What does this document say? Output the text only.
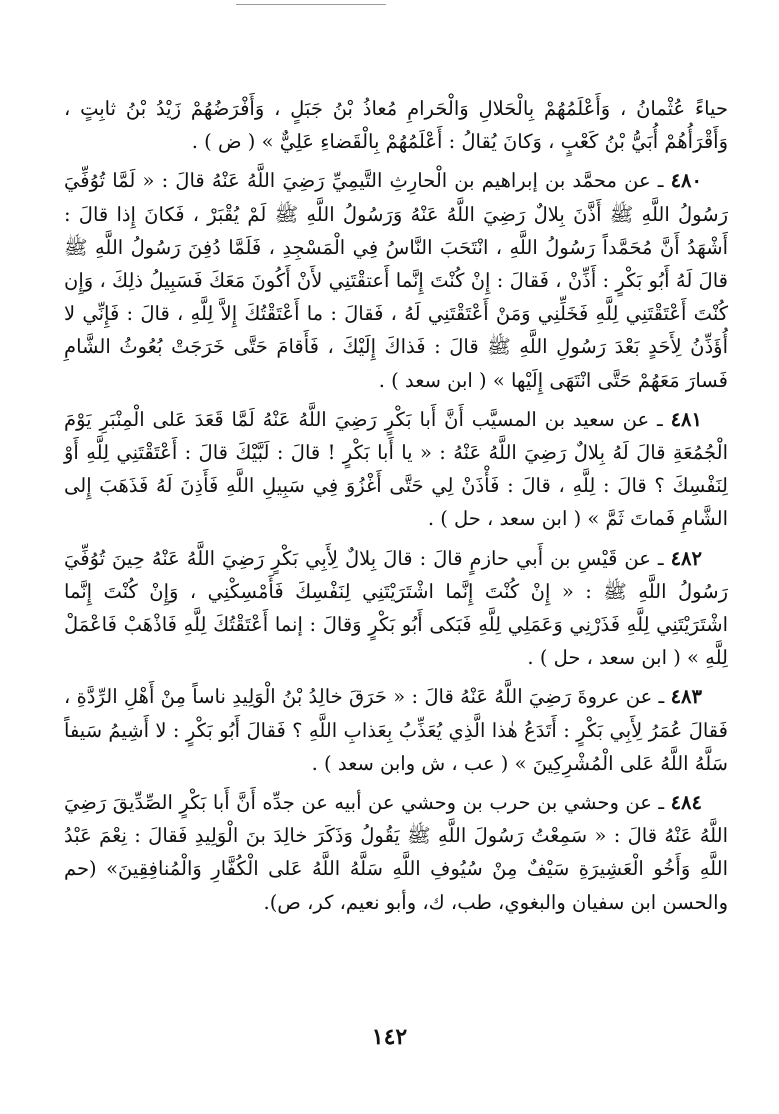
حياءً عُثْمانُ ، وَأَعْلَمُهُمْ بِالْحَلالِ وَالْحَرامِ مُعاذُ بْنُ جَبَلٍ ، وَأَفْرَضُهُمْ زَيْدُ بْنُ ثابِتٍ ، وَأَقْرَأُهُمْ أُبَيُّ بْنُ كَعْبٍ ، وَكانَ يُقالُ : أَعْلَمُهُمْ بِالْقَضاءِ عَلِيٌّ » ( ض ) .

٤٨٠ ـ عن محمَّد بن إبراهيم بن الْحارِثِ التَّيمِيِّ رَضِيَ اللَّهُ عَنْهُ قالَ : « لَمَّا تُوُفِّيَ رَسُولُ اللَّهِ ﷺ أَذَّنَ بِلالٌ رَضِيَ اللَّهُ عَنْهُ وَرَسُولُ اللَّهِ ﷺ لَمْ يُقْبَرْ ، فَكانَ إِذا قالَ : أَشْهَدُ أَنَّ مُحَمَّداً رَسُولُ اللَّهِ ، انْتَحَبَ النَّاسُ فِي الْمَسْجِدِ ، فَلَمَّا دُفِنَ رَسُولُ اللَّهِ ﷺ قالَ لَهُ أَبُو بَكْرٍ : أَذِّنْ ، فَقالَ : إِنْ كُنْتَ إِنَّما أَعتقْتَنِي لأَنْ أَكُونَ مَعَكَ فَسَبِيلُ ذلِكَ ، وَإِن كُنْتَ أَعْتَقْتَنِي لِلَّهِ فَخَلِّنِي وَمَنْ أَعْتَقْتَنِي لَهُ ، فَقالَ : ما أَعْتَقْتُكَ إِلاَّ لِلَّهِ ، قالَ : فَإِنِّي لا أُؤَذِّنُ لِأَحَدٍ بَعْدَ رَسُولِ اللَّهِ ﷺ قالَ : فَذاكَ إِلَيْكَ ، فَأَقامَ حَتَّى خَرَجَتْ بُعُوثُ الشَّامِ فَسارَ مَعَهُمْ حَتَّى انْتَهَى إِلَيْها » ( ابن سعد ) .

٤٨١ ـ عن سعيد بن المسيَّب أَنَّ أَبا بَكْرٍ رَضِيَ اللَّهُ عَنْهُ لَمَّا قَعَدَ عَلى الْمِنْبَرِ يَوْمَ الْجُمُعَةِ قالَ لَهُ بِلالٌ رَضِيَ اللَّهُ عَنْهُ : « يا أَبا بَكْرٍ ! قالَ : لَبَّيْكَ قالَ : أَعْتَقْتَنِي لِلَّهِ أَوْ لِنَفْسِكَ ؟ قالَ : لِلَّهِ ، قالَ : فَأْذَنْ لِي حَتَّى أَغْزُوَ فِي سَبِيلِ اللَّهِ فَأَذِنَ لَهُ فَذَهَبَ إِلى الشَّامِ فَماتَ ثَمَّ » ( ابن سعد ، حل ) .

٤٨٢ ـ عن قَيْسِ بن أَبي حازمٍ قالَ : قالَ بِلالٌ لِأَبِي بَكْرٍ رَضِيَ اللَّهُ عَنْهُ حِينَ تُوُفِّيَ رَسُولُ اللَّهِ ﷺ : « إِنْ كُنْتَ إِنَّما اشْتَرَيْتَنِي لِنَفْسِكَ فَأَمْسِكْنِي ، وَإِنْ كُنْتَ إِنَّما اشْتَرَيْتَنِي لِلَّهِ فَذَرْنِي وَعَمَلِي لِلَّهِ فَبَكى أَبُو بَكْرٍ وَقالَ : إنما أَعْتَقْتُكَ لِلَّهِ فَاذْهَبْ فَاعْمَلْ لِلَّهِ » ( ابن سعد ، حل ) .

٤٨٣ ـ عن عروةَ رَضِيَ اللَّهُ عَنْهُ قالَ : « حَرَقَ خالِدُ بْنُ الْوَلِيدِ ناساً مِنْ أَهْلِ الرِّدَّةِ ، فَقالَ عُمَرُ لِأَبِي بَكْرٍ : أَتَدَعُ هٰذا الَّذِي يُعَذِّبُ بِعَذابِ اللَّهِ ؟ فَقالَ أَبُو بَكْرٍ : لا أَشِيمُ سَيفاً سَلَّهُ اللَّهُ عَلى الْمُشْرِكِينَ » ( عب ، ش وابن سعد ) .

٤٨٤ ـ عن وحشي بن حرب بن وحشي عن أبيه عن جدِّه أَنَّ أَبا بَكْرٍ الصِّدِّيقَ رَضِيَ اللَّهُ عَنْهُ قالَ : « سَمِعْتُ رَسُولَ اللَّهِ ﷺ يَقُولُ وَذَكَرَ خالِدَ بنَ الْوَلِيدِ فَقالَ : نِعْمَ عَبْدُ اللَّهِ وَأَخُو الْعَشِيرَةِ سَيْفٌ مِنْ سُيُوفِ اللَّهِ سَلَّهُ اللَّهُ عَلى الْكُفَّارِ وَالْمُنافِقِينَ» (حم والحسن ابن سفيان والبغوي، طب، ك، وأبو نعيم، كر، ص).

١٤٢
